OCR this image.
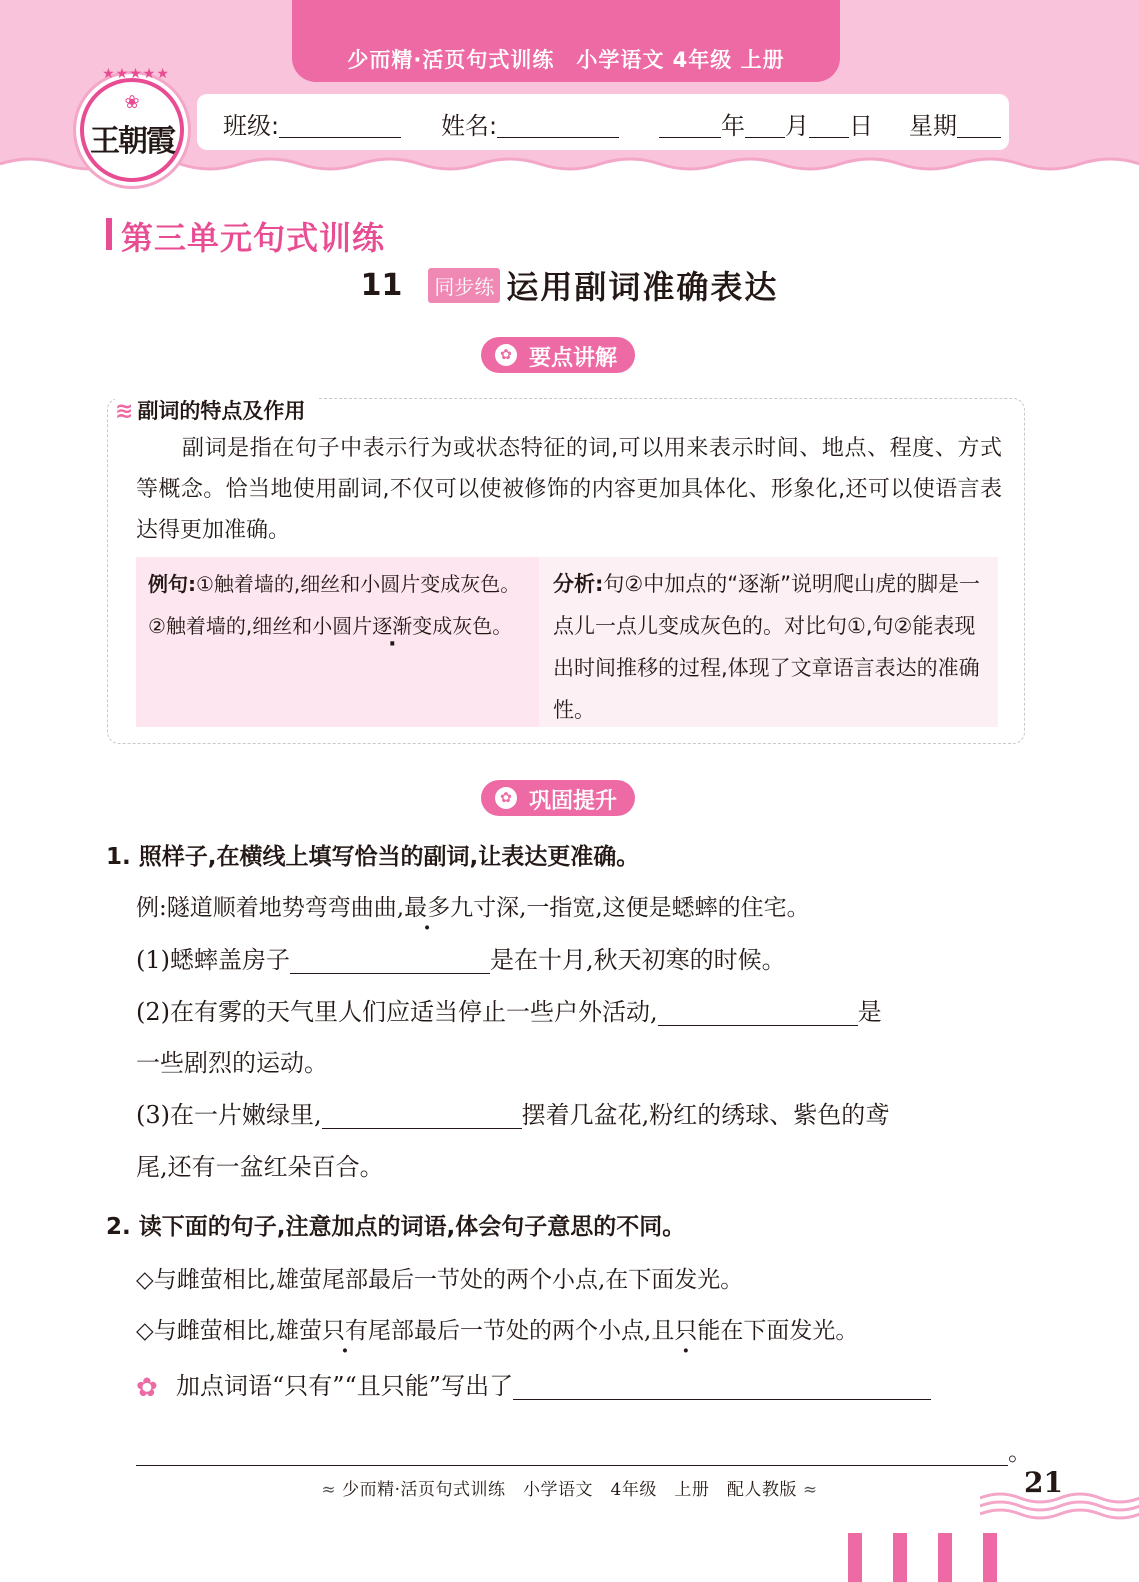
少而精·活页句式训练　小学语文 4年级 上册
班级:	姓名:	年 月 日 星期
❀
王朝霞
★★★★★
第三单元句式训练
11 同步练 运用副词准确表达
✿ 要点讲解
≋ 副词的特点及作用
副词是指在句子中表示行为或状态特征的词,可以用来表示时间、地点、程度、方式等概念。恰当地使用副词,不仅可以使被修饰的内容更加具体化、形象化,还可以使语言表达得更加准确。
例句:①触着墙的,细丝和小圆片变成灰色。
②触着墙的,细丝和小圆片逐渐变成灰色。
分析:句②中加点的“逐渐”说明爬山虎的脚是一点儿一点儿变成灰色的。对比句①,句②能表现出时间推移的过程,体现了文章语言表达的准确性。
✿ 巩固提升
1. 照样子,在横线上填写恰当的副词,让表达更准确。
例:隧道顺着地势弯弯曲曲,最多九寸深,一指宽,这便是蟋蟀的住宅。
(1)蟋蟀盖房子	是在十月,秋天初寒的时候。
(2)在有雾的天气里人们应适当停止一些户外活动,	是
一些剧烈的运动。
(3)在一片嫩绿里,	摆着几盆花,粉红的绣球、紫色的鸢
尾,还有一盆红朵百合。
2. 读下面的句子,注意加点的词语,体会句子意思的不同。
◇与雌萤相比,雄萤尾部最后一节处的两个小点,在下面发光。
◇与雌萤相比,雄萤只有尾部最后一节处的两个小点,且只能在下面发光。
✿ 加点词语“只有”“且只能”写出了
。
≈ 少而精·活页句式训练　小学语文　4年级　上册　配人教版 ≈	21
